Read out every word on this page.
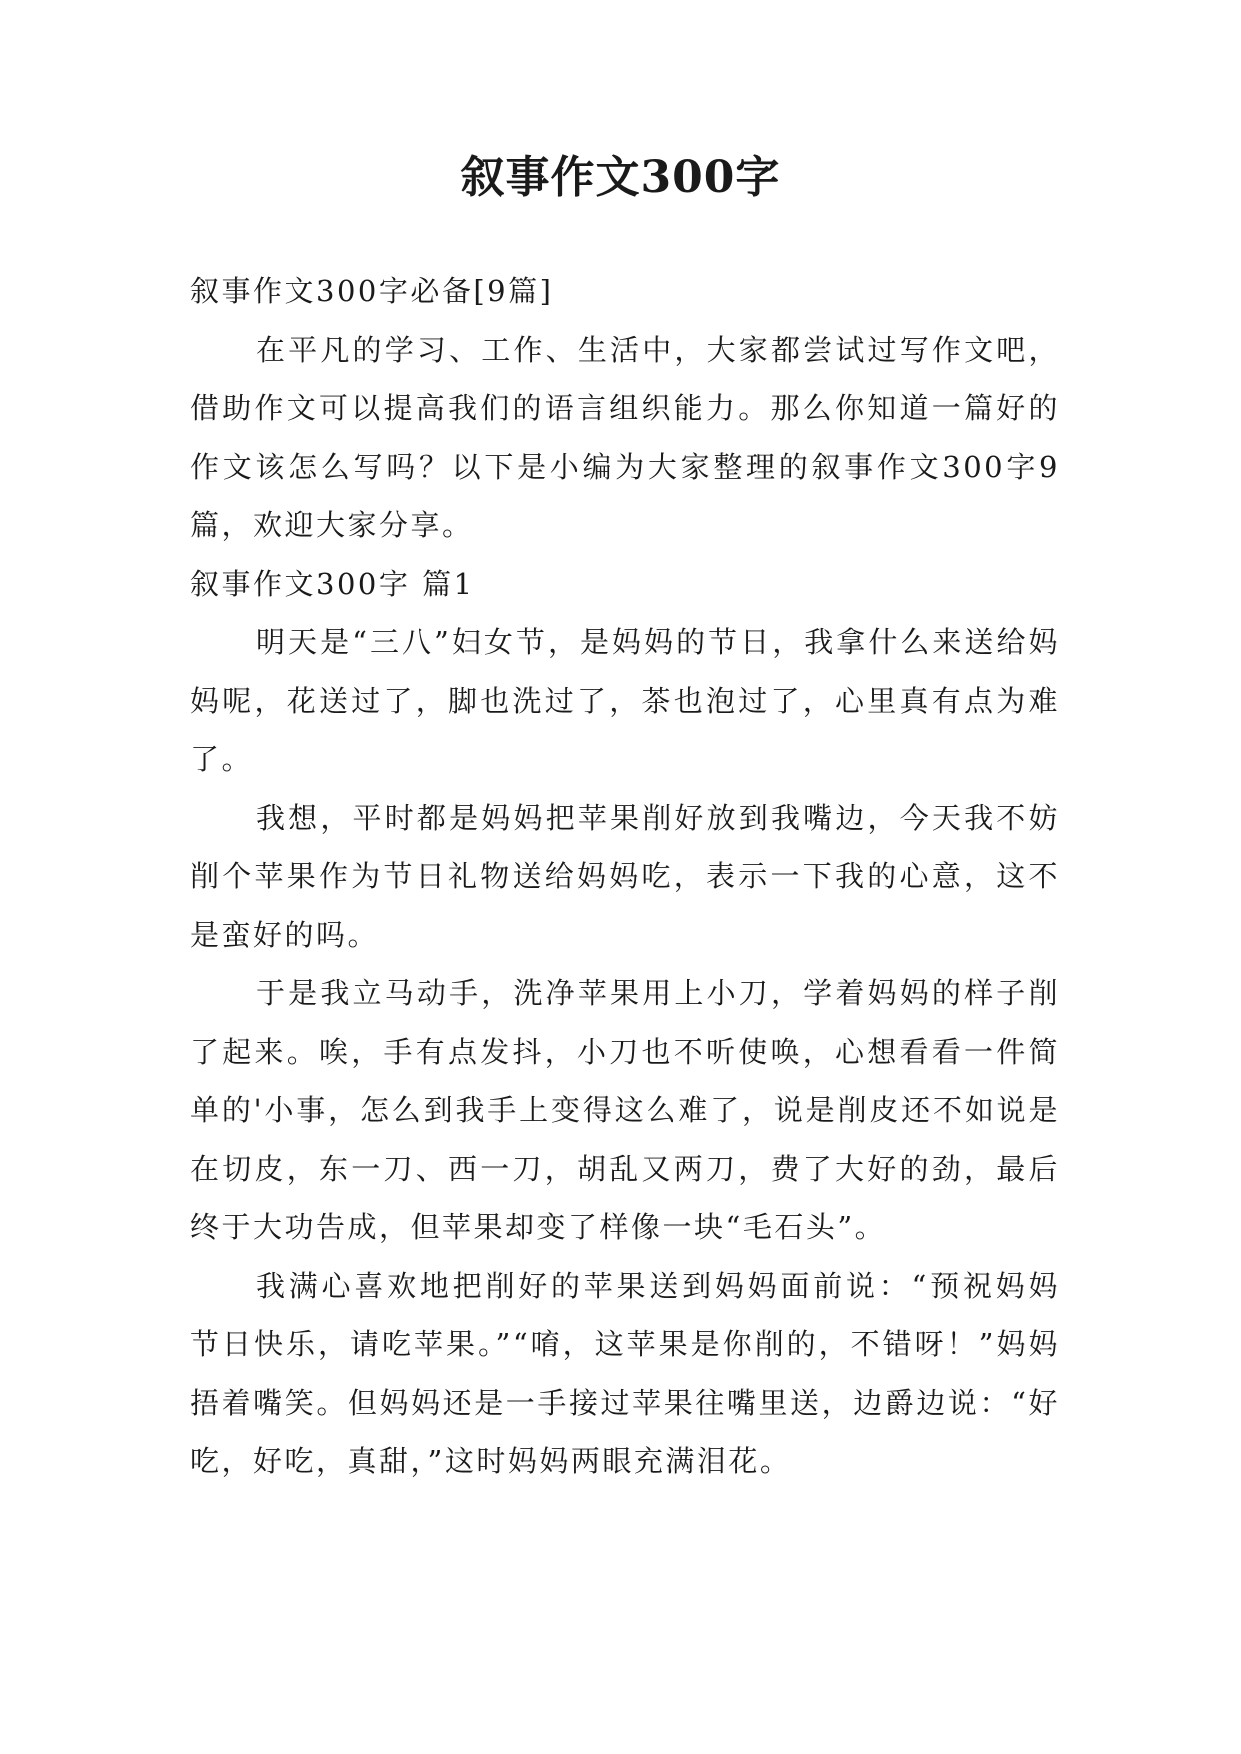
叙事作文300字

叙事作文300字必备[9篇]

在平凡的学习、工作、生活中，大家都尝试过写作文吧，借助作文可以提高我们的语言组织能力。那么你知道一篇好的作文该怎么写吗？以下是小编为大家整理的叙事作文300字9篇，欢迎大家分享。

叙事作文300字 篇1

明天是“三八”妇女节，是妈妈的节日，我拿什么来送给妈妈呢，花送过了，脚也洗过了，茶也泡过了，心里真有点为难了。

我想，平时都是妈妈把苹果削好放到我嘴边，今天我不妨削个苹果作为节日礼物送给妈妈吃，表示一下我的心意，这不是蛮好的吗。

于是我立马动手，洗净苹果用上小刀，学着妈妈的样子削了起来。唉，手有点发抖，小刀也不听使唤，心想看看一件简单的'小事，怎么到我手上变得这么难了，说是削皮还不如说是在切皮，东一刀、西一刀，胡乱又两刀，费了大好的劲，最后终于大功告成，但苹果却变了样像一块“毛石头”。

我满心喜欢地把削好的苹果送到妈妈面前说：“预祝妈妈节日快乐，请吃苹果。”“唷，这苹果是你削的，不错呀！”妈妈捂着嘴笑。但妈妈还是一手接过苹果往嘴里送，边爵边说：“好吃，好吃，真甜，”这时妈妈两眼充满泪花。
